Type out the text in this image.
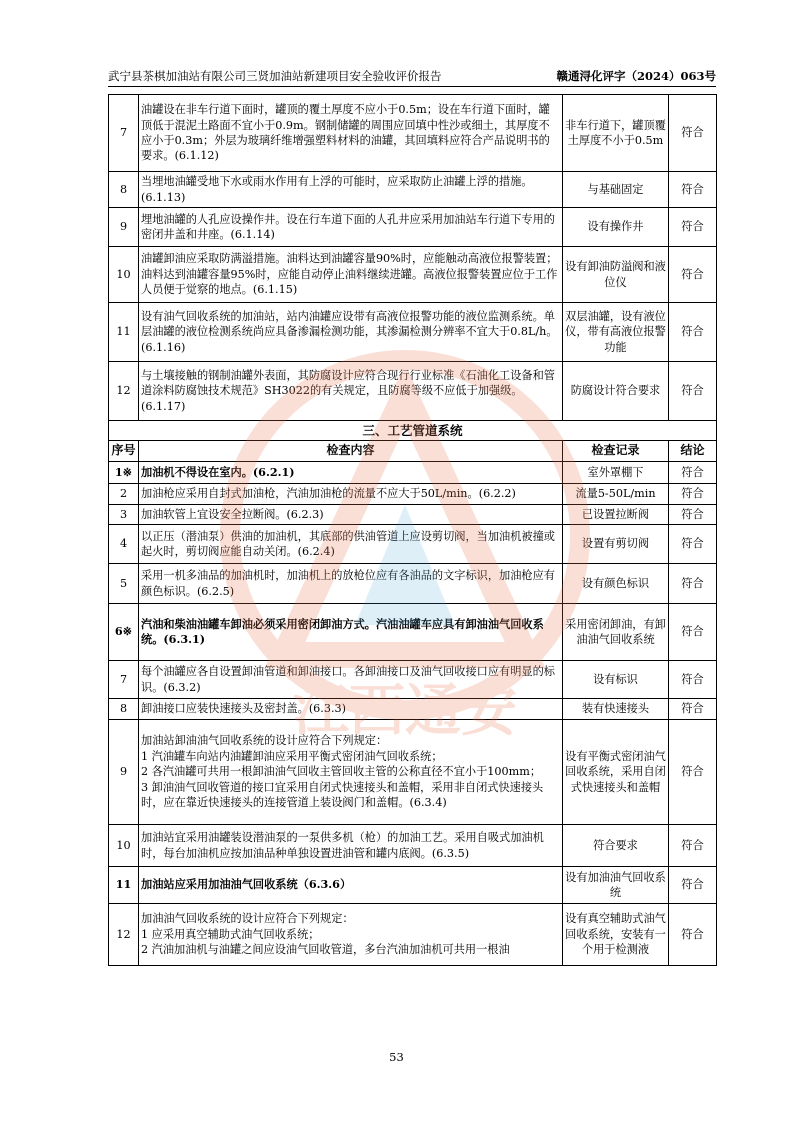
武宁县茶棋加油站有限公司三贤加油站新建项目安全验收评价报告	赣通浔化评字（2024）063号
7	油罐设在非车行道下面时，罐顶的覆土厚度不应小于0.5m；设在车行道下面时，罐顶低于混泥土路面不宜小于0.9m。钢制储罐的周围应回填中性沙或细土，其厚度不应小于0.3m；外层为玻璃纤维增强塑料材料的油罐，其回填料应符合产品说明书的要求。(6.1.12)	非车行道下，罐顶覆土厚度不小于0.5m	符合
8	当埋地油罐受地下水或雨水作用有上浮的可能时，应采取防止油罐上浮的措施。(6.1.13)	与基础固定	符合
9	埋地油罐的人孔应设操作井。设在行车道下面的人孔井应采用加油站车行道下专用的密闭井盖和井座。(6.1.14)	设有操作井	符合
10	油罐卸油应采取防满溢措施。油料达到油罐容量90%时，应能触动高液位报警装置；油料达到油罐容量95%时，应能自动停止油料继续进罐。高液位报警装置应位于工作人员便于觉察的地点。(6.1.15)	设有卸油防溢阀和液位仪	符合
11	设有油气回收系统的加油站，站内油罐应设带有高液位报警功能的液位监测系统。单层油罐的液位检测系统尚应具备渗漏检测功能，其渗漏检测分辨率不宜大于0.8L/h。(6.1.16)	双层油罐，设有液位仪，带有高液位报警功能	符合
12	与土壤接触的钢制油罐外表面，其防腐设计应符合现行行业标准《石油化工设备和管道涂料防腐蚀技术规范》SH3022的有关规定，且防腐等级不应低于加强级。(6.1.17)	防腐设计符合要求	符合
三、工艺管道系统			
序号	检查内容	检查记录	结论
1※	加油机不得设在室内。(6.2.1)	室外罩棚下	符合
2	加油枪应采用自封式加油枪，汽油加油枪的流量不应大于50L/min。(6.2.2)	流量5-50L/min	符合
3	加油软管上宜设安全拉断阀。(6.2.3)	已设置拉断阀	符合
4	以正压（潜油泵）供油的加油机，其底部的供油管道上应设剪切阀，当加油机被撞或起火时，剪切阀应能自动关闭。(6.2.4)	设置有剪切阀	符合
5	采用一机多油品的加油机时，加油机上的放枪位应有各油品的文字标识，加油枪应有颜色标识。(6.2.5)	设有颜色标识	符合
6※	汽油和柴油油罐车卸油必须采用密闭卸油方式。汽油油罐车应具有卸油油气回收系统。(6.3.1)	采用密闭卸油，有卸油油气回收系统	符合
7	每个油罐应各自设置卸油管道和卸油接口。各卸油接口及油气回收接口应有明显的标识。(6.3.2)	设有标识	符合
8	卸油接口应装快速接头及密封盖。(6.3.3)	装有快速接头	符合
9	加油站卸油油气回收系统的设计应符合下列规定：
1 汽油罐车向站内油罐卸油应采用平衡式密闭油气回收系统；
2 各汽油罐可共用一根卸油油气回收主管回收主管的公称直径不宜小于100mm；
3 卸油油气回收管道的接口宜采用自闭式快速接头和盖帽，采用非自闭式快速接头时，应在靠近快速接头的连接管道上装设阀门和盖帽。(6.3.4)	设有平衡式密闭油气回收系统，采用自闭式快速接头和盖帽	符合
10	加油站宜采用油罐装设潜油泵的一泵供多机（枪）的加油工艺。采用自吸式加油机时，每台加油机应按加油品种单独设置进油管和罐内底阀。(6.3.5)	符合要求	符合
11	加油站应采用加油油气回收系统（6.3.6）	设有加油油气回收系统	符合
12	加油油气回收系统的设计应符合下列规定：
1 应采用真空辅助式油气回收系统；
2 汽油加油机与油罐之间应设油气回收管道，多台汽油加油机可共用一根油	设有真空辅助式油气回收系统，安装有一个用于检测液	符合
江西通安
53
